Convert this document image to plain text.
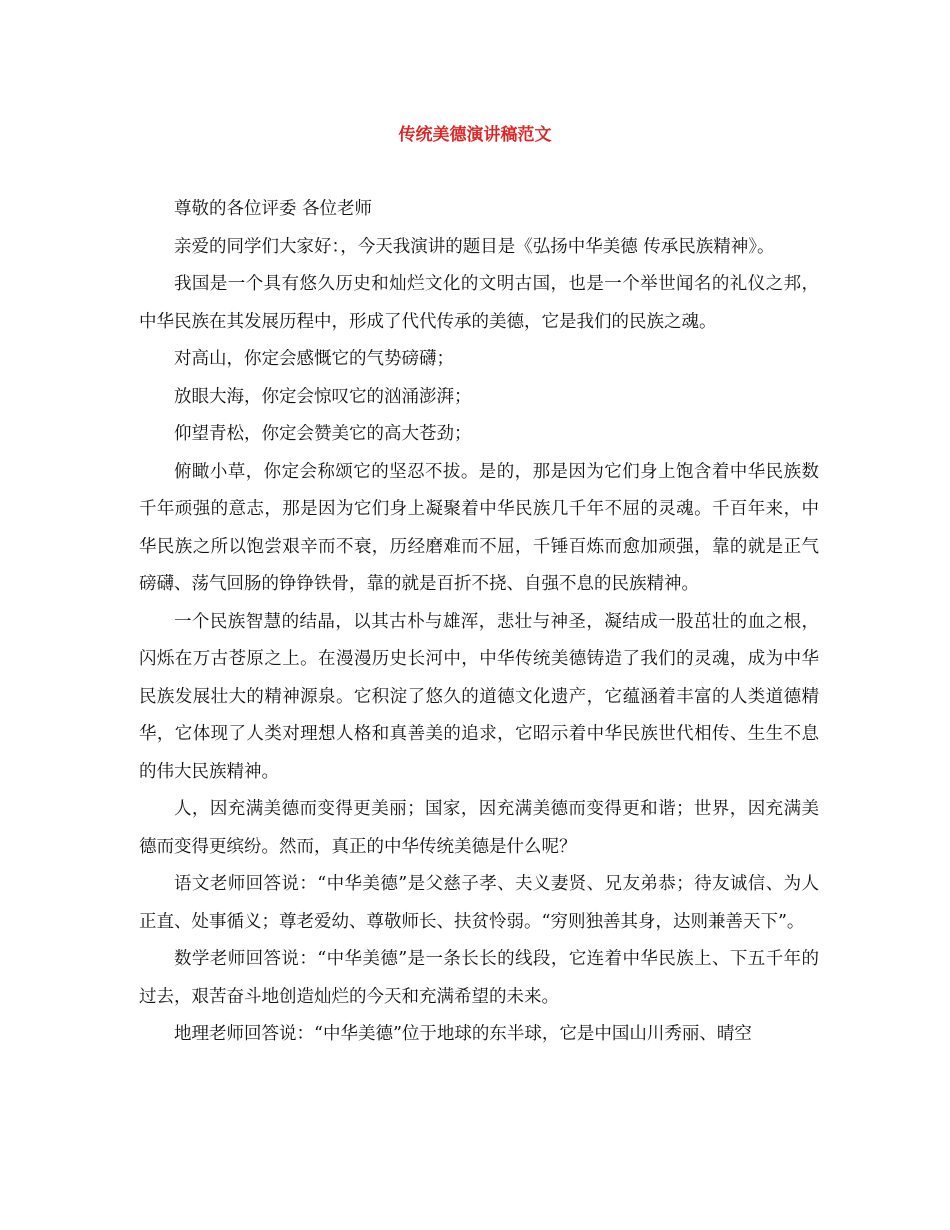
传统美德演讲稿范文

尊敬的各位评委 各位老师

亲爱的同学们大家好：，今天我演讲的题目是《弘扬中华美德 传承民族精神》。

我国是一个具有悠久历史和灿烂文化的文明古国，也是一个举世闻名的礼仪之邦，中华民族在其发展历程中，形成了代代传承的美德，它是我们的民族之魂。

对高山，你定会感慨它的气势磅礴；

放眼大海，你定会惊叹它的汹涌澎湃；

仰望青松，你定会赞美它的高大苍劲；

俯瞰小草，你定会称颂它的坚忍不拔。是的，那是因为它们身上饱含着中华民族数千年顽强的意志，那是因为它们身上凝聚着中华民族几千年不屈的灵魂。千百年来，中华民族之所以饱尝艰辛而不衰，历经磨难而不屈，千锤百炼而愈加顽强，靠的就是正气磅礴、荡气回肠的铮铮铁骨，靠的就是百折不挠、自强不息的民族精神。

一个民族智慧的结晶，以其古朴与雄浑，悲壮与神圣，凝结成一股茁壮的血之根，闪烁在万古苍原之上。在漫漫历史长河中，中华传统美德铸造了我们的灵魂，成为中华民族发展壮大的精神源泉。它积淀了悠久的道德文化遗产，它蕴涵着丰富的人类道德精华，它体现了人类对理想人格和真善美的追求，它昭示着中华民族世代相传、生生不息的伟大民族精神。

人，因充满美德而变得更美丽；国家，因充满美德而变得更和谐；世界，因充满美德而变得更缤纷。然而，真正的中华传统美德是什么呢？

语文老师回答说：“中华美德”是父慈子孝、夫义妻贤、兄友弟恭；待友诚信、为人正直、处事循义；尊老爱幼、尊敬师长、扶贫怜弱。“穷则独善其身，达则兼善天下”。

数学老师回答说：“中华美德”是一条长长的线段，它连着中华民族上、下五千年的过去，艰苦奋斗地创造灿烂的今天和充满希望的未来。

地理老师回答说：“中华美德”位于地球的东半球，它是中国山川秀丽、晴空
